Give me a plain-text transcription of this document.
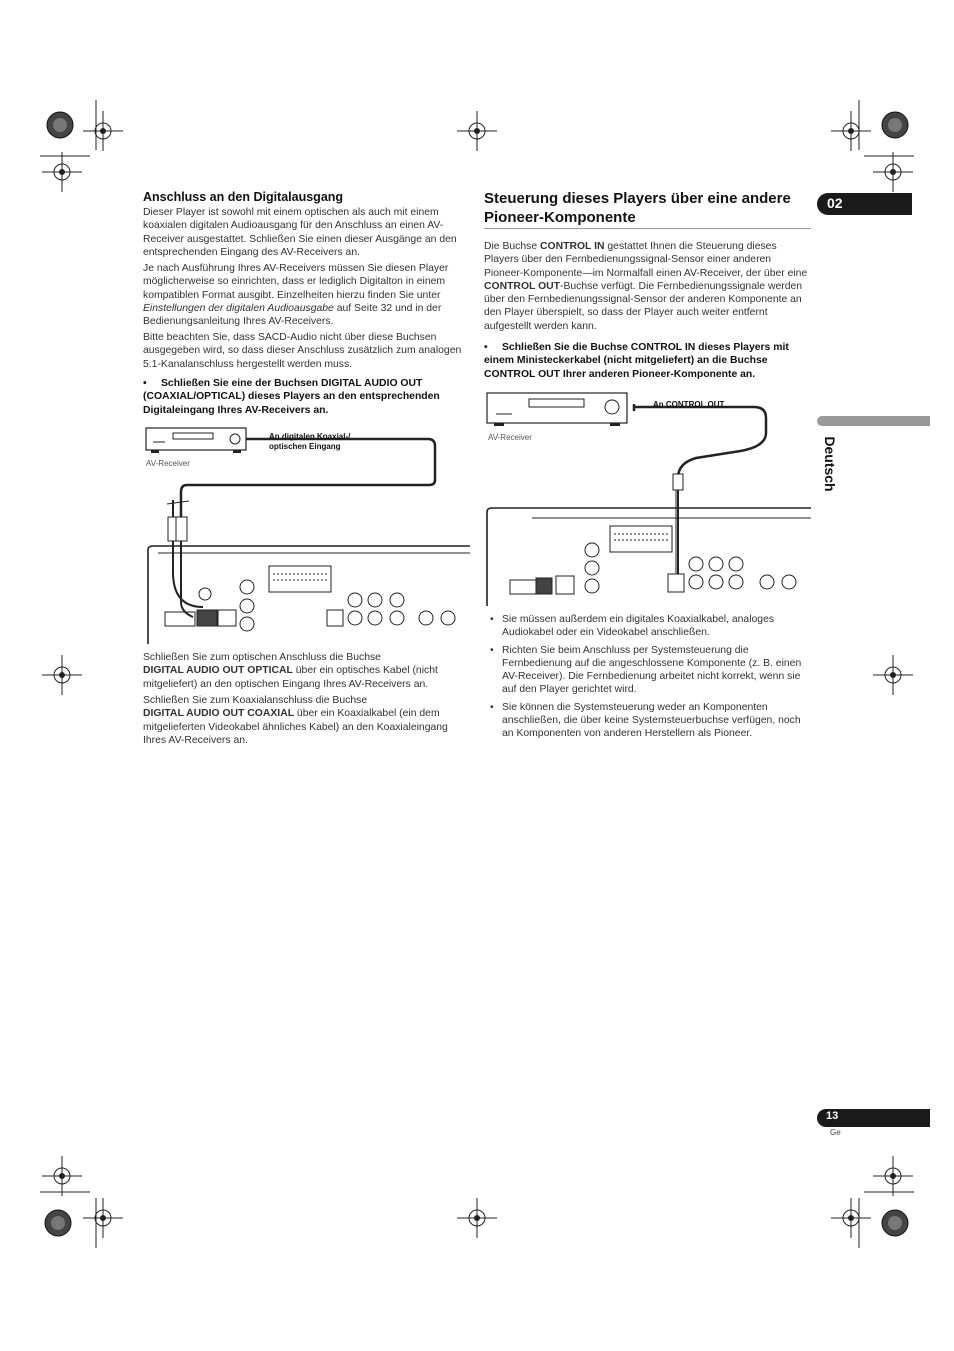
02
Deutsch
Anschluss an den Digitalausgang

Dieser Player ist sowohl mit einem optischen als auch mit einem koaxialen digitalen Audioausgang für den Anschluss an einen AV-Receiver ausgestattet. Schließen Sie einen dieser Ausgänge an den entsprechenden Eingang des AV-Receivers an.

Je nach Ausführung Ihres AV-Receivers müssen Sie diesen Player möglicherweise so einrichten, dass er lediglich Digitalton in einem kompatiblen Format ausgibt. Einzelheiten hierzu finden Sie unter Einstellungen der digitalen Audioausgabe auf Seite 32 und in der Bedienungsanleitung Ihres AV-Receivers.

Bitte beachten Sie, dass SACD-Audio nicht über diese Buchsen ausgegeben wird, so dass dieser Anschluss zusätzlich zum analogen 5.1-Kanalanschluss hergestellt werden muss.

• Schließen Sie eine der Buchsen DIGITAL AUDIO OUT (COAXIAL/OPTICAL) dieses Players an den entsprechenden Digitaleingang Ihres AV-Receivers an.
An digitalen Koaxial-/ optischen Eingang
AV-Receiver
Schließen Sie zum optischen Anschluss die Buchse
DIGITAL AUDIO OUT OPTICAL über ein optisches Kabel (nicht mitgeliefert) an den optischen Eingang Ihres AV-Receivers an.
Schließen Sie zum Koaxialanschluss die Buchse
DIGITAL AUDIO OUT COAXIAL über ein Koaxialkabel (ein dem mitgelieferten Videokabel ähnliches Kabel) an den Koaxialeingang Ihres AV-Receivers an.
Steuerung dieses Players über eine andere Pioneer-Komponente

Die Buchse CONTROL IN gestattet Ihnen die Steuerung dieses Players über den Fernbedienungssignal-Sensor einer anderen Pioneer-Komponente—im Normalfall einen AV-Receiver, der über eine CONTROL OUT-Buchse verfügt. Die Fernbedienungssignale werden über den Fernbedienungssignal-Sensor der anderen Komponente an den Player überspielt, so dass der Player auch weiter entfernt aufgestellt werden kann.

• Schließen Sie die Buchse CONTROL IN dieses Players mit einem Ministeckerkabel (nicht mitgeliefert) an die Buchse CONTROL OUT Ihrer anderen Pioneer-Komponente an.
An CONTROL OUT
AV-Receiver
• Sie müssen außerdem ein digitales Koaxialkabel, analoges Audiokabel oder ein Videokabel anschließen.
• Richten Sie beim Anschluss per Systemsteuerung die Fernbedienung auf die angeschlossene Komponente (z. B. einen AV-Receiver). Die Fernbedienung arbeitet nicht korrekt, wenn sie auf den Player gerichtet wird.
• Sie können die Systemsteuerung weder an Komponenten anschließen, die über keine Systemsteuerbuchse verfügen, noch an Komponenten von anderen Herstellern als Pioneer.
13
Ge
